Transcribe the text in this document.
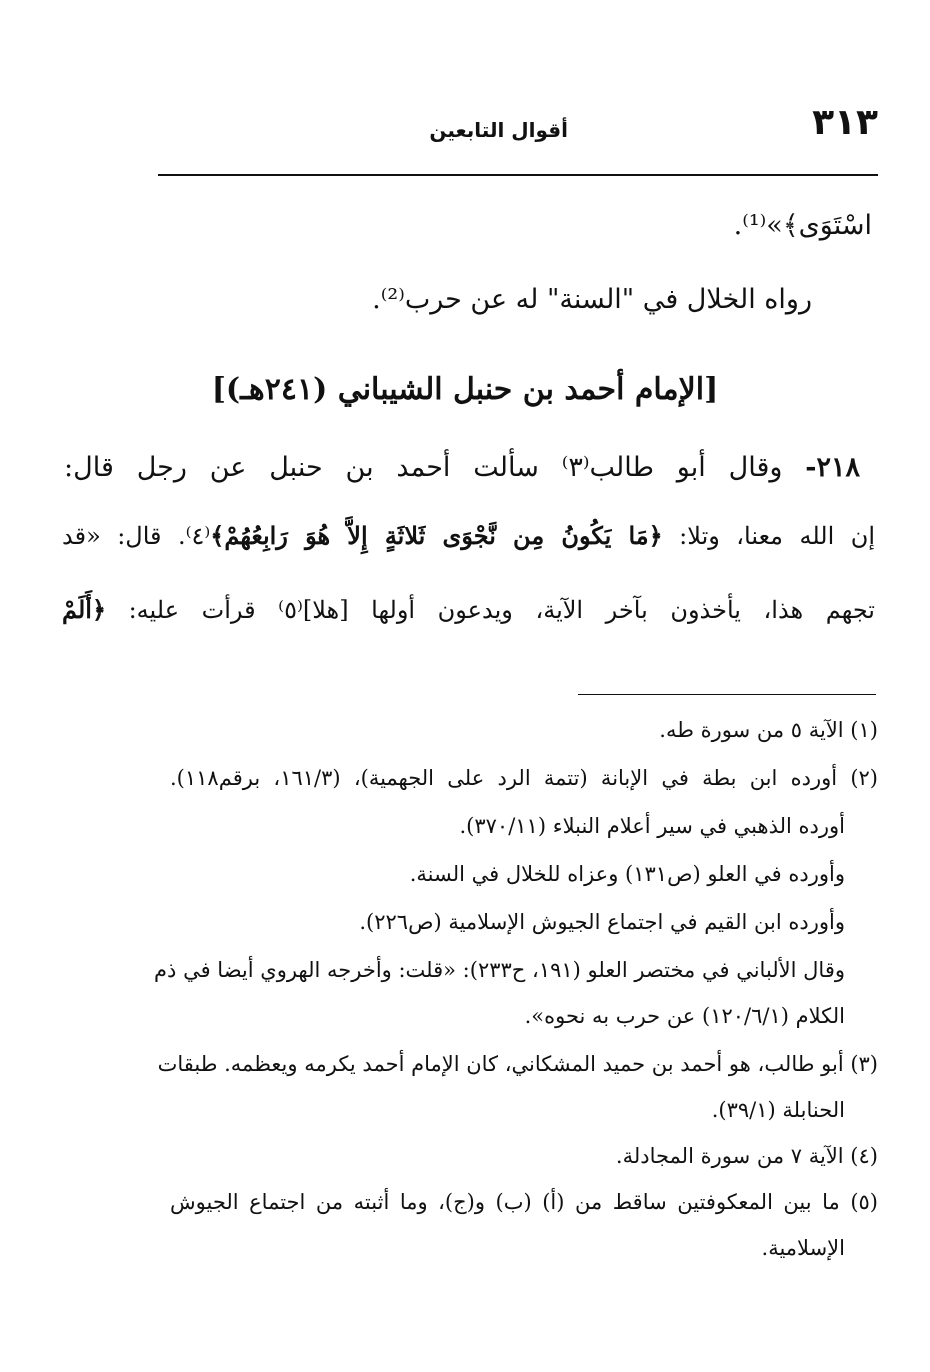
٣١٣
أقوال التابعين
اسْتَوَى﴾»⁽¹⁾.
رواه الخلال في "السنة" له عن حرب⁽²⁾.
[الإمام أحمد بن حنبل الشيباني (٢٤١هـ)]
٢١٨- وقال أبو طالب⁽٣⁾ سألت أحمد بن حنبل عن رجل قال:
إن الله معنا، وتلا: ﴿مَا يَكُونُ مِن نَّجْوَى ثَلاثَةٍ إِلاَّ هُوَ رَابِعُهُمْ﴾⁽٤⁾. قال: «قد
تجهم هذا، يأخذون بآخر الآية، ويدعون أولها [هلا]⁽٥⁾ قرأت عليه: ﴿أَلَمْ
(١) الآية ٥ من سورة طه.
(٢) أورده ابن بطة في الإبانة (تتمة الرد على الجهمية)، (١٦١/٣، برقم١١٨).
أورده الذهبي في سير أعلام النبلاء (٣٧٠/١١).
وأورده في العلو (ص١٣١) وعزاه للخلال في السنة.
وأورده ابن القيم في اجتماع الجيوش الإسلامية (ص٢٢٦).
وقال الألباني في مختصر العلو (١٩١، ح٢٣٣): «قلت: وأخرجه الهروي أيضا في ذم
الكلام (١٢٠/٦/١) عن حرب به نحوه».
(٣) أبو طالب، هو أحمد بن حميد المشكاني، كان الإمام أحمد يكرمه ويعظمه. طبقات
الحنابلة (٣٩/١).
(٤) الآية ٧ من سورة المجادلة.
(٥) ما بين المعكوفتين ساقط من (أ) (ب) و(ج)، وما أثبته من اجتماع الجيوش
الإسلامية.
